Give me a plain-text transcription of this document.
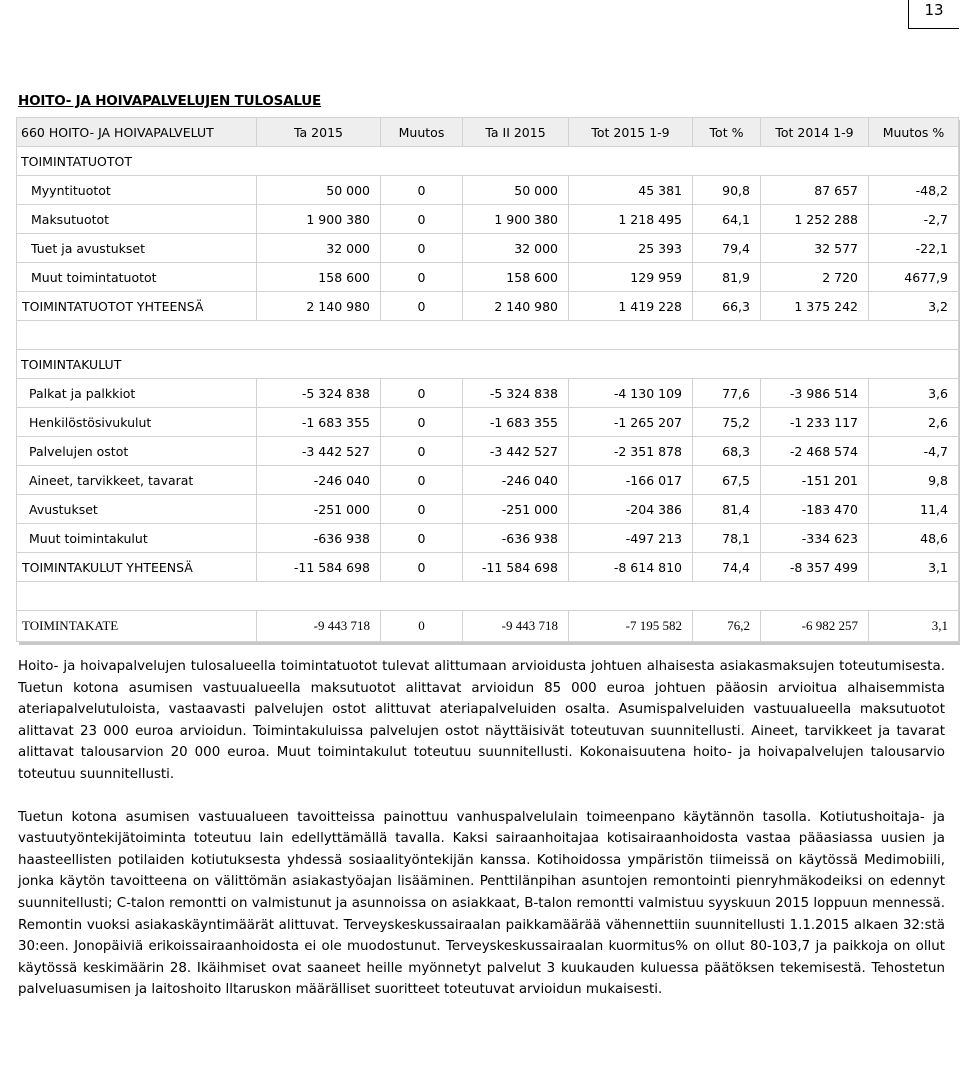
13
HOITO- JA HOIVAPALVELUJEN TULOSALUE
660 HOITO- JA HOIVAPALVELUT	Ta 2015	Muutos	Ta II 2015	Tot 2015 1-9	Tot %	Tot 2014 1-9	Muutos %
TOIMINTATUOTOT							
Myyntituotot	50 000	0	50 000	45 381	90,8	87 657	-48,2
Maksutuotot	1 900 380	0	1 900 380	1 218 495	64,1	1 252 288	-2,7
Tuet ja avustukset	32 000	0	32 000	25 393	79,4	32 577	-22,1
Muut toimintatuotot	158 600	0	158 600	129 959	81,9	2 720	4677,9
TOIMINTATUOTOT YHTEENSÄ	2 140 980	0	2 140 980	1 419 228	66,3	1 375 242	3,2

TOIMINTAKULUT							
Palkat ja palkkiot	-5 324 838	0	-5 324 838	-4 130 109	77,6	-3 986 514	3,6
Henkilöstösivukulut	-1 683 355	0	-1 683 355	-1 265 207	75,2	-1 233 117	2,6
Palvelujen ostot	-3 442 527	0	-3 442 527	-2 351 878	68,3	-2 468 574	-4,7
Aineet, tarvikkeet, tavarat	-246 040	0	-246 040	-166 017	67,5	-151 201	9,8
Avustukset	-251 000	0	-251 000	-204 386	81,4	-183 470	11,4
Muut toimintakulut	-636 938	0	-636 938	-497 213	78,1	-334 623	48,6
TOIMINTAKULUT YHTEENSÄ	-11 584 698	0	-11 584 698	-8 614 810	74,4	-8 357 499	3,1

TOIMINTAKATE	-9 443 718	0	-9 443 718	-7 195 582	76,2	-6 982 257	3,1

Hoito- ja hoivapalvelujen tulosalueella toimintatuotot tulevat alittumaan arvioidusta johtuen alhaisesta asiakasmaksujen toteutumisesta. Tuetun kotona asumisen vastuualueella maksutuotot alittavat arvioidun 85 000 euroa johtuen pääosin arvioitua alhaisemmista ateriapalvelutuloista, vastaavasti palvelujen ostot alittuvat ateriapalveluiden osalta. Asumispalveluiden vastuualueella maksutuotot alittavat 23 000 euroa arvioidun. Toimintakuluissa palvelujen ostot näyttäisivät toteutuvan suunnitellusti. Aineet, tarvikkeet ja tavarat alittavat talousarvion 20 000 euroa. Muut toimintakulut toteutuu suunnitellusti. Kokonaisuutena hoito- ja hoivapalvelujen talousarvio toteutuu suunnitellusti.

Tuetun kotona asumisen vastuualueen tavoitteissa painottuu vanhuspalvelulain toimeenpano käytännön tasolla. Kotiutushoitaja- ja vastuutyöntekijätoiminta toteutuu lain edellyttämällä tavalla. Kaksi sairaanhoitajaa kotisairaanhoidosta vastaa pääasiassa uusien ja haasteellisten potilaiden kotiutuksesta yhdessä sosiaalityöntekijän kanssa. Kotihoidossa ympäristön tiimeissä on käytössä Medimobiili, jonka käytön tavoitteena on välittömän asiakastyöajan lisääminen. Penttilänpihan asuntojen remontointi pienryhmäkodeiksi on edennyt suunnitellusti; C-talon remontti on valmistunut ja asunnoissa on asiakkaat, B-talon remontti valmistuu syyskuun 2015 loppuun mennessä. Remontin vuoksi asiakaskäyntimäärät alittuvat. Terveyskeskussairaalan paikkamäärää vähennettiin suunnitellusti 1.1.2015 alkaen 32:stä 30:een. Jonopäiviä erikoissairaanhoidosta ei ole muodostunut. Terveyskeskussairaalan kuormitus% on ollut 80-103,7 ja paikkoja on ollut käytössä keskimäärin 28. Ikäihmiset ovat saaneet heille myönnetyt palvelut 3 kuukauden kuluessa päätöksen tekemisestä. Tehostetun palveluasumisen ja laitoshoito lltaruskon määrälliset suoritteet toteutuvat arvioidun mukaisesti.
